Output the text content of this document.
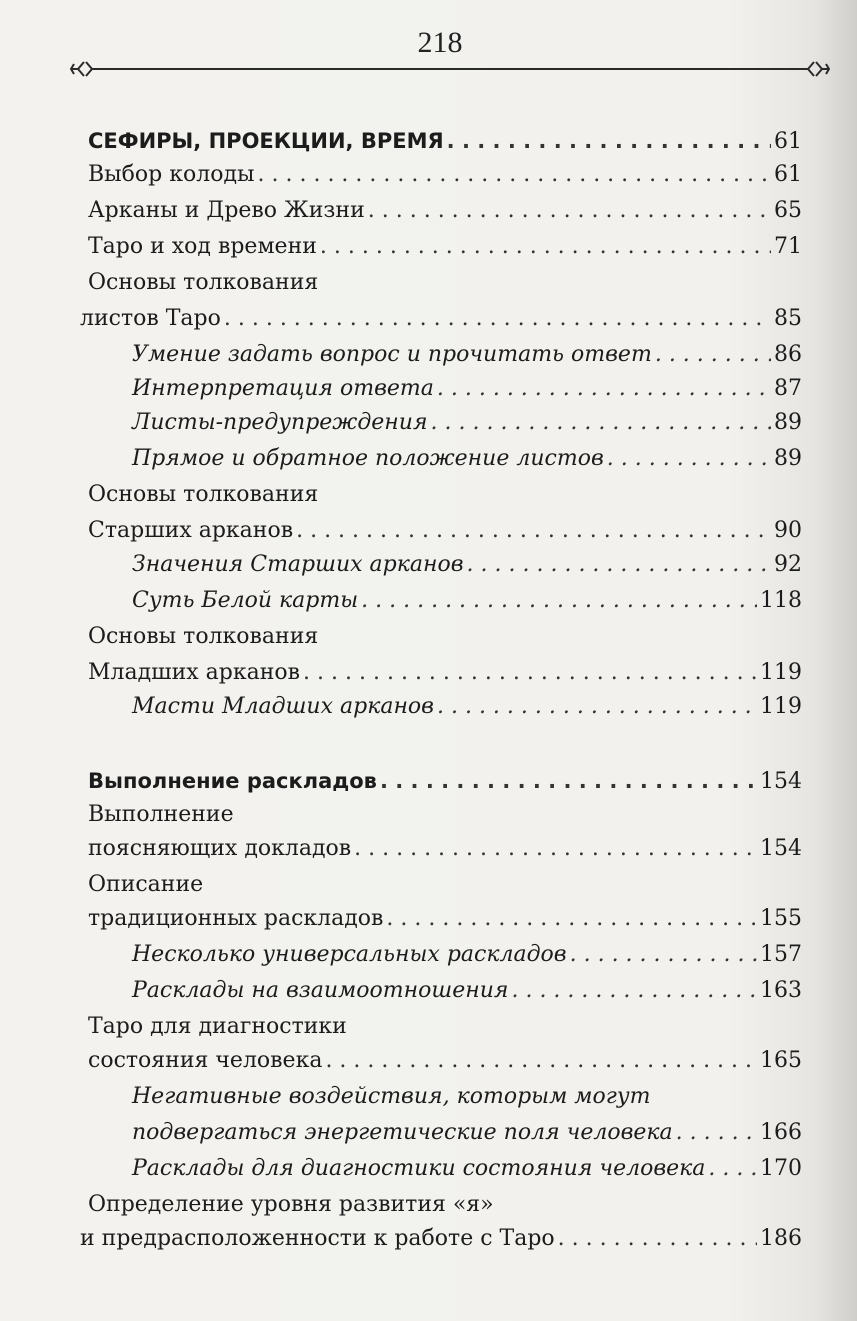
218
СЕФИРЫ, ПРОЕКЦИИ, ВРЕМЯ . . .	61
Выбор колоды . . .	61
Арканы и Древо Жизни . . .	65
Таро и ход времени . . .	71
Основы толкования
листов Таро . . .	85
Умение задать вопрос и прочитать ответ . . .	86
Интерпретация ответа . . .	87
Листы-предупреждения . . .	89
Прямое и обратное положение листов . . .	89
Основы толкования
Старших арканов . . .	90
Значения Старших арканов . . .	92
Суть Белой карты . . .	118
Основы толкования
Младших арканов . . .	119
Масти Младших арканов . . .	119
Выполнение раскладов . . .	154
Выполнение
поясняющих докладов . . .	154
Описание
традиционных раскладов . . .	155
Несколько универсальных раскладов . . .	157
Расклады на взаимоотношения . . .	163
Таро для диагностики
состояния человека . . .	165
Негативные воздействия, которым могут
подвергаться энергетические поля человека . . .	166
Расклады для диагностики состояния человека . . . 170
Определение уровня развития «я»
и предрасположенности к работе с Таро . . .	186
